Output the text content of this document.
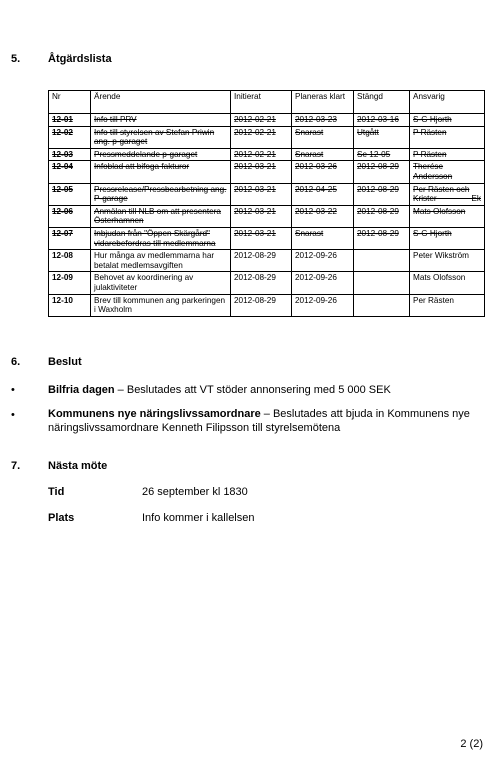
5.	Åtgärdslista
Nr	Ärende	Initierat	Planeras klart	Stängd	Ansvarig
12-01	Info till PRV	2012-02-21	2012-03-23	2012-03-16	S-G Hjorth
12-02	Info till styrelsen av Stefan Priwin ang. p-garaget	2012-02-21	Snarast	Utgått	P Rästen
12-03	Pressmeddelande p-garaget	2012-02-21	Snarast	Se 12-05	P Rästen
12-04	Infoblad att bifoga fakturor	2012-03-21	2012-03-26	2012-08-29	Therése Andersson
12-05	Pressrelease/Pressbearbetning ang. P-garage	2012-03-21	2012-04-25	2012-08-29	Per Rästen och Krister Ek
12-06	Anmälan till NLB om att presentera Österhamnen	2012-03-21	2012-03-22	2012-08-29	Mats Olofsson
12-07	Inbjudan från "Öppen Skärgård" vidarebefordras till medlemmarna	2012-03-21	Snarast	2012-08-29	S-G Hjorth
12-08	Hur många av medlemmarna har betalat medlemsavgiften	2012-08-29	2012-09-26		Peter Wikström
12-09	Behovet av koordinering av julaktiviteter	2012-08-29	2012-09-26		Mats Olofsson
12-10	Brev till kommunen ang parkeringen i Waxholm	2012-08-29	2012-09-26		Per Rästen
6.	Beslut
•	Bilfria dagen – Beslutades att VT stöder annonsering med 5 000 SEK
•	Kommunens nye näringslivssamordnare – Beslutades att bjuda in Kommunens nye näringslivssamordnare Kenneth Filipsson till styrelsemötena
7.	Nästa möte
Tid	26 september kl 1830
Plats	Info kommer i kallelsen
2 (2)
